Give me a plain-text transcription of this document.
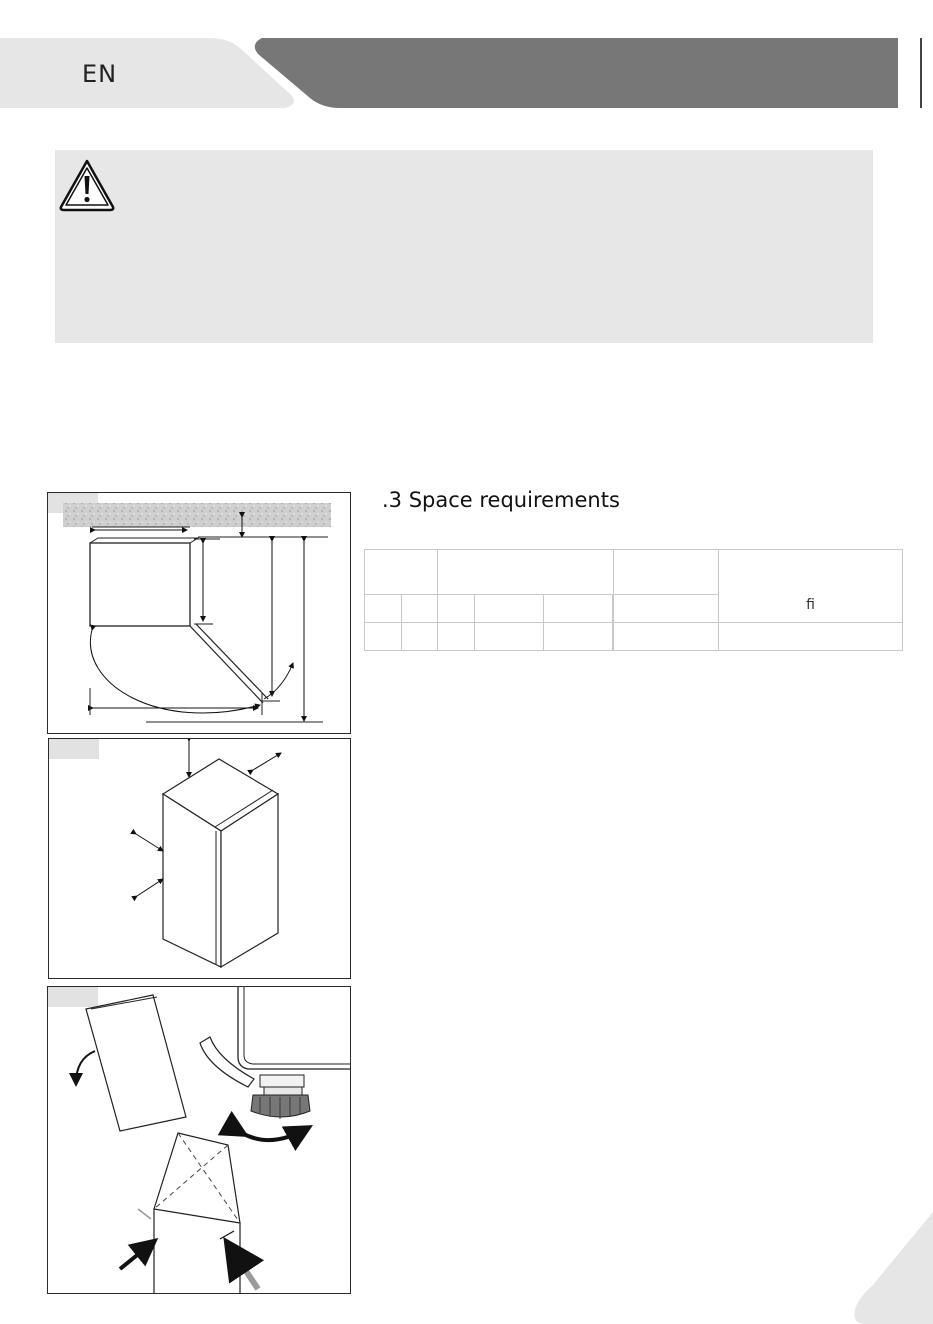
EN
.3 Space requirements
						ﬁ
